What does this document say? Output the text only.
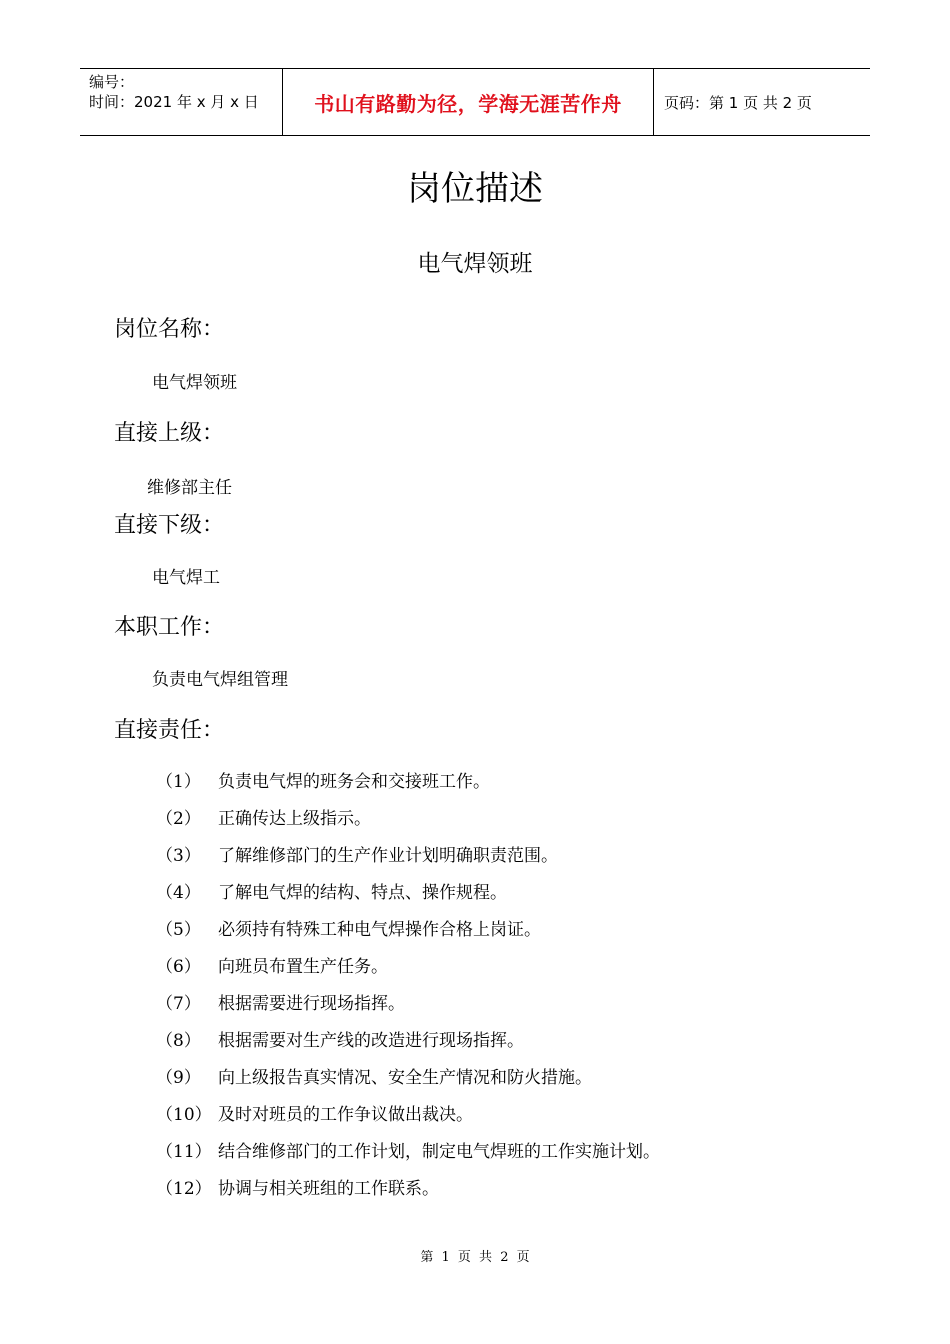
编号：
时间：2021 年 x 月 x 日	书山有路勤为径，学海无涯苦作舟	页码：第 1 页 共 2 页
岗位描述
电气焊领班
岗位名称：
电气焊领班
直接上级：
维修部主任
直接下级：
电气焊工
本职工作：
负责电气焊组管理
直接责任：
（1） 负责电气焊的班务会和交接班工作。
（2） 正确传达上级指示。
（3） 了解维修部门的生产作业计划明确职责范围。
（4） 了解电气焊的结构、特点、操作规程。
（5） 必须持有特殊工种电气焊操作合格上岗证。
（6） 向班员布置生产任务。
（7） 根据需要进行现场指挥。
（8） 根据需要对生产线的改造进行现场指挥。
（9） 向上级报告真实情况、安全生产情况和防火措施。
（10） 及时对班员的工作争议做出裁决。
（11） 结合维修部门的工作计划，制定电气焊班的工作实施计划。
（12） 协调与相关班组的工作联系。
第 1 页 共 2 页
